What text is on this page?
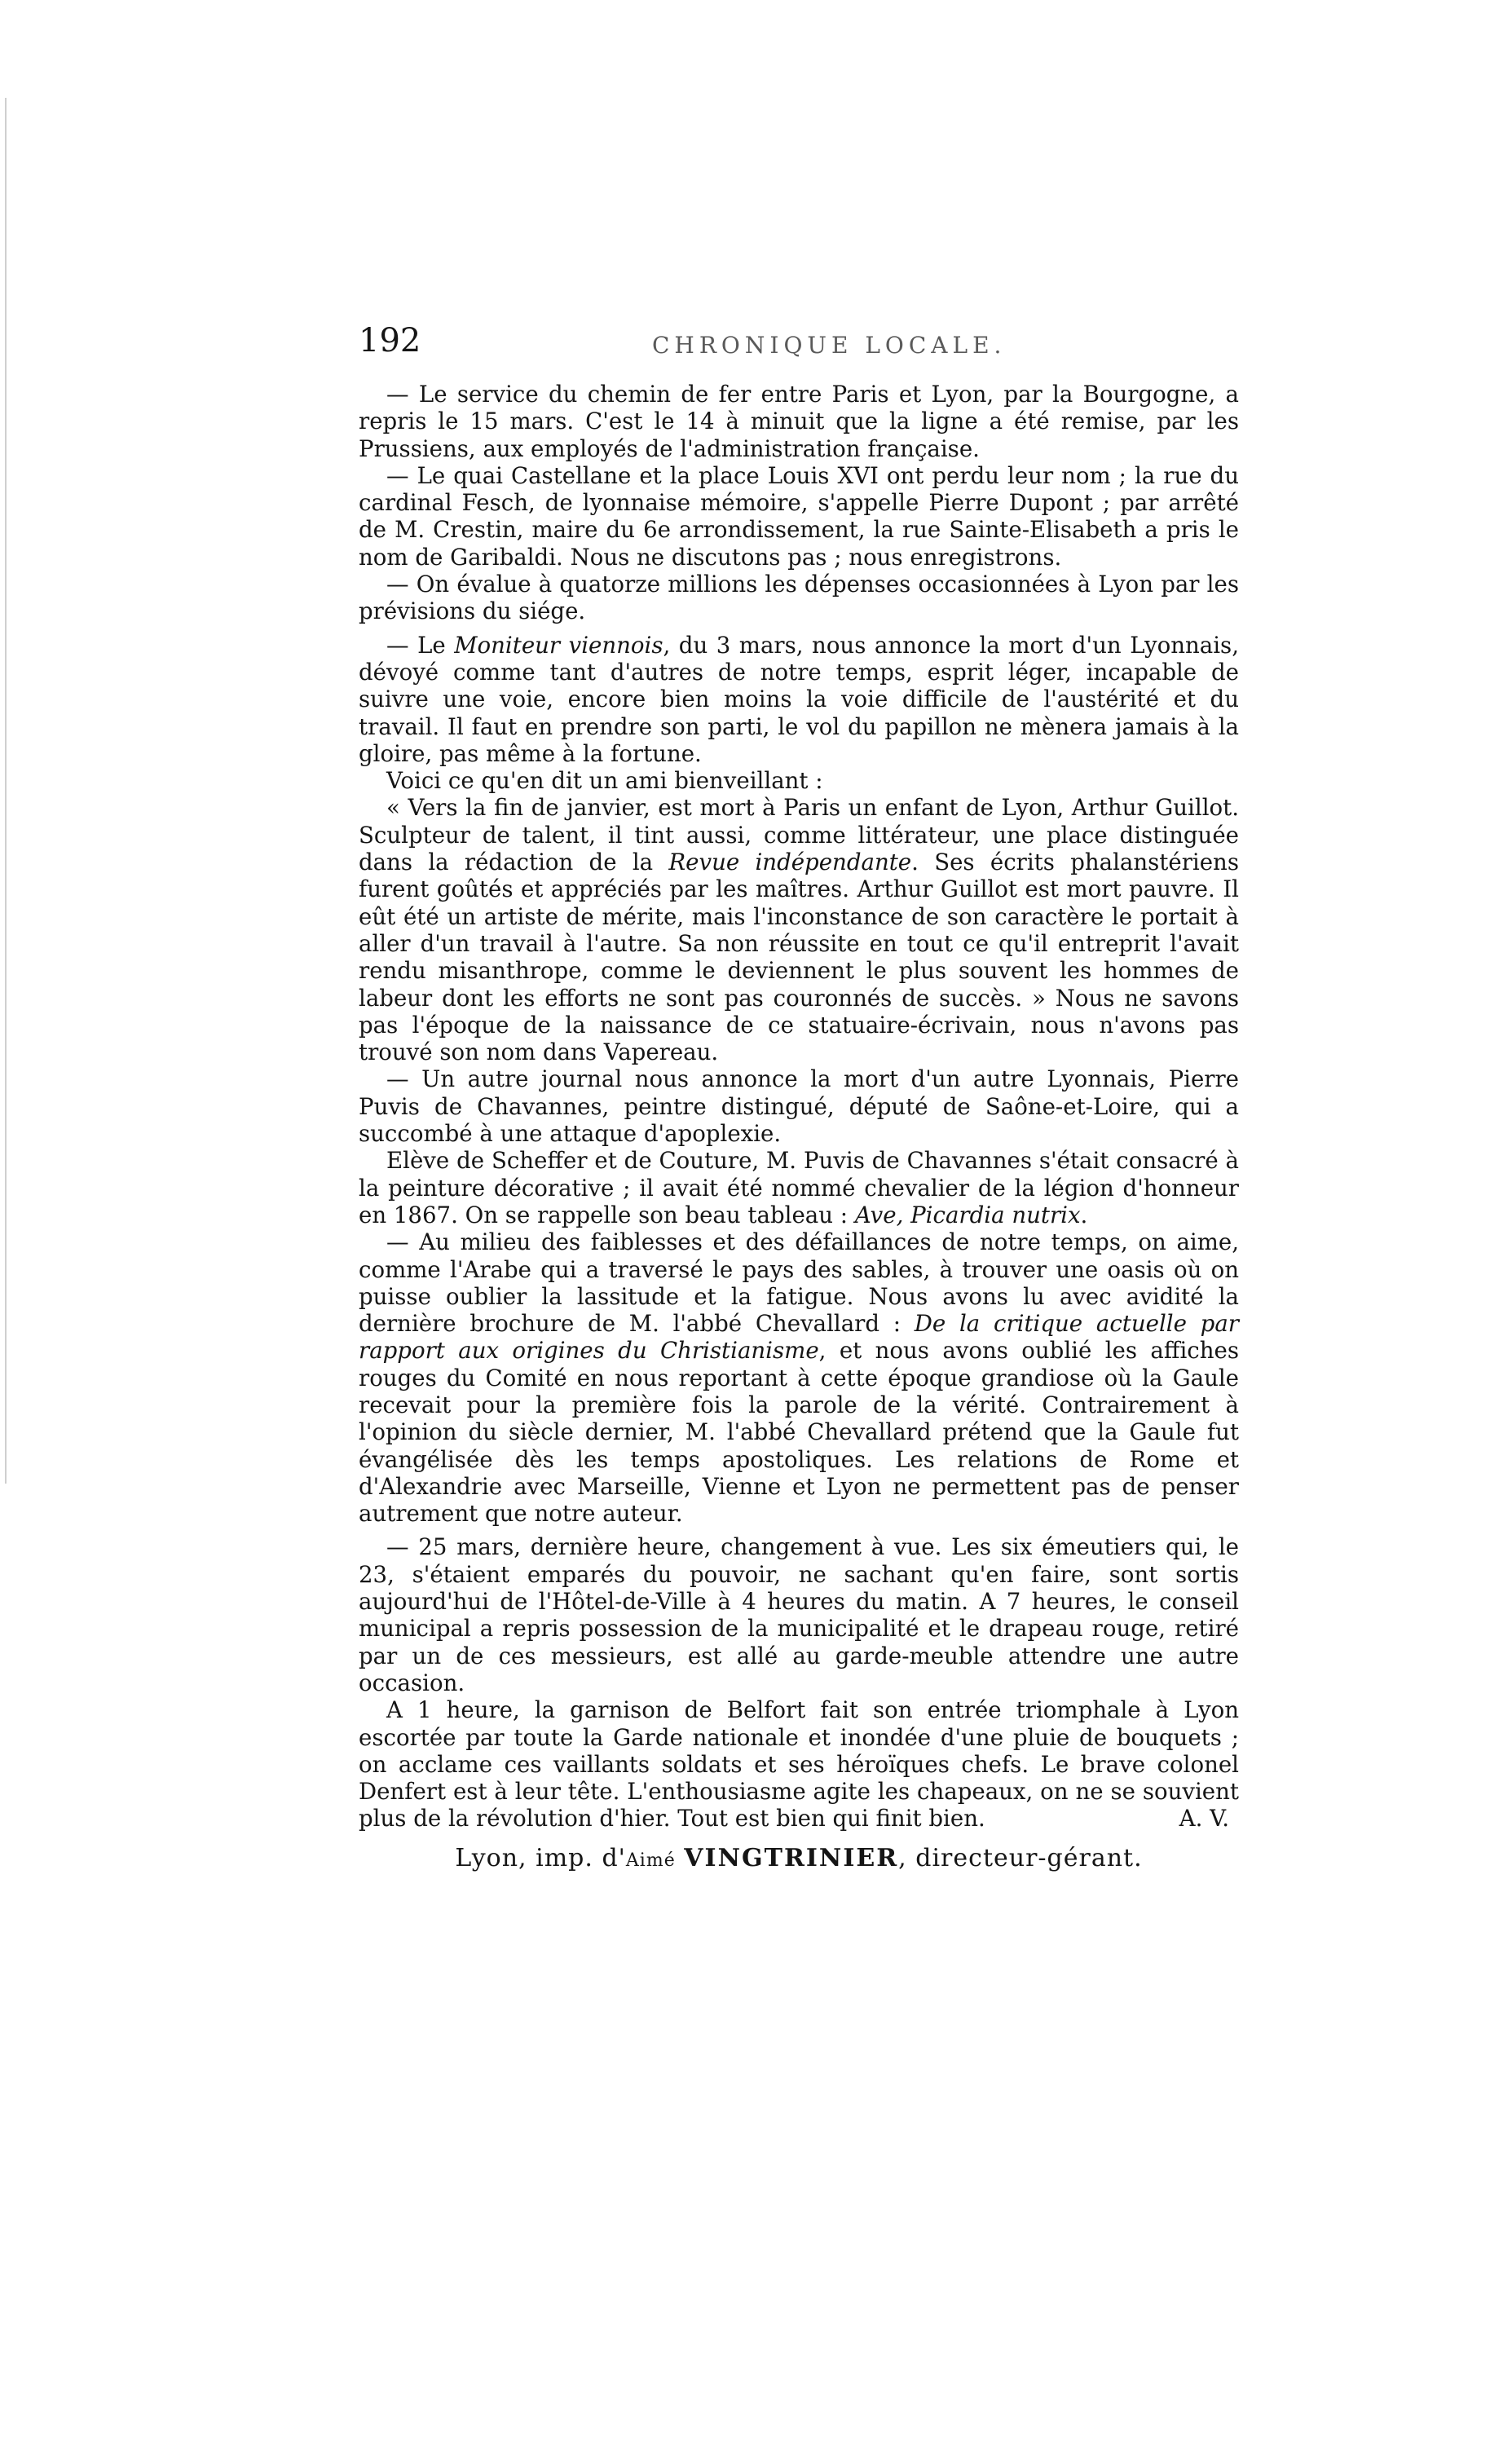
192	CHRONIQUE LOCALE.

— Le service du chemin de fer entre Paris et Lyon, par la Bourgogne, a repris le 15 mars. C'est le 14 à minuit que la ligne a été remise, par les Prussiens, aux employés de l'administration française.

— Le quai Castellane et la place Louis XVI ont perdu leur nom ; la rue du cardinal Fesch, de lyonnaise mémoire, s'appelle Pierre Dupont ; par arrêté de M. Crestin, maire du 6e arrondissement, la rue Sainte-Elisabeth a pris le nom de Garibaldi. Nous ne discutons pas ; nous enregistrons.

— On évalue à quatorze millions les dépenses occasionnées à Lyon par les prévisions du siége.

— Le Moniteur viennois, du 3 mars, nous annonce la mort d'un Lyonnais, dévoyé comme tant d'autres de notre temps, esprit léger, incapable de suivre une voie, encore bien moins la voie difficile de l'austérité et du travail. Il faut en prendre son parti, le vol du papillon ne mènera jamais à la gloire, pas même à la fortune.

Voici ce qu'en dit un ami bienveillant :

« Vers la fin de janvier, est mort à Paris un enfant de Lyon, Arthur Guillot. Sculpteur de talent, il tint aussi, comme littérateur, une place distinguée dans la rédaction de la Revue indépendante. Ses écrits phalanstériens furent goûtés et appréciés par les maîtres. Arthur Guillot est mort pauvre. Il eût été un artiste de mérite, mais l'inconstance de son caractère le portait à aller d'un travail à l'autre. Sa non réussite en tout ce qu'il entreprit l'avait rendu misanthrope, comme le deviennent le plus souvent les hommes de labeur dont les efforts ne sont pas couronnés de succès. » Nous ne savons pas l'époque de la naissance de ce statuaire-écrivain, nous n'avons pas trouvé son nom dans Vapereau.

— Un autre journal nous annonce la mort d'un autre Lyonnais, Pierre Puvis de Chavannes, peintre distingué, député de Saône-et-Loire, qui a succombé à une attaque d'apoplexie.

Elève de Scheffer et de Couture, M. Puvis de Chavannes s'était consacré à la peinture décorative ; il avait été nommé chevalier de la légion d'honneur en 1867. On se rappelle son beau tableau : Ave, Picardia nutrix.

— Au milieu des faiblesses et des défaillances de notre temps, on aime, comme l'Arabe qui a traversé le pays des sables, à trouver une oasis où on puisse oublier la lassitude et la fatigue. Nous avons lu avec avidité la dernière brochure de M. l'abbé Chevallard : De la critique actuelle par rapport aux origines du Christianisme, et nous avons oublié les affiches rouges du Comité en nous reportant à cette époque grandiose où la Gaule recevait pour la première fois la parole de la vérité. Contrairement à l'opinion du siècle dernier, M. l'abbé Chevallard prétend que la Gaule fut évangélisée dès les temps apostoliques. Les relations de Rome et d'Alexandrie avec Marseille, Vienne et Lyon ne permettent pas de penser autrement que notre auteur.

— 25 mars, dernière heure, changement à vue. Les six émeutiers qui, le 23, s'étaient emparés du pouvoir, ne sachant qu'en faire, sont sortis aujourd'hui de l'Hôtel-de-Ville à 4 heures du matin. A 7 heures, le conseil municipal a repris possession de la municipalité et le drapeau rouge, retiré par un de ces messieurs, est allé au garde-meuble attendre une autre occasion.

A 1 heure, la garnison de Belfort fait son entrée triomphale à Lyon escortée par toute la Garde nationale et inondée d'une pluie de bouquets ; on acclame ces vaillants soldats et ses héroïques chefs. Le brave colonel Denfert est à leur tête. L'enthousiasme agite les chapeaux, on ne se souvient plus de la révolution d'hier. Tout est bien qui finit bien.	A. V.

Lyon, imp. d'Aimé VINGTRINIER, directeur-gérant.
